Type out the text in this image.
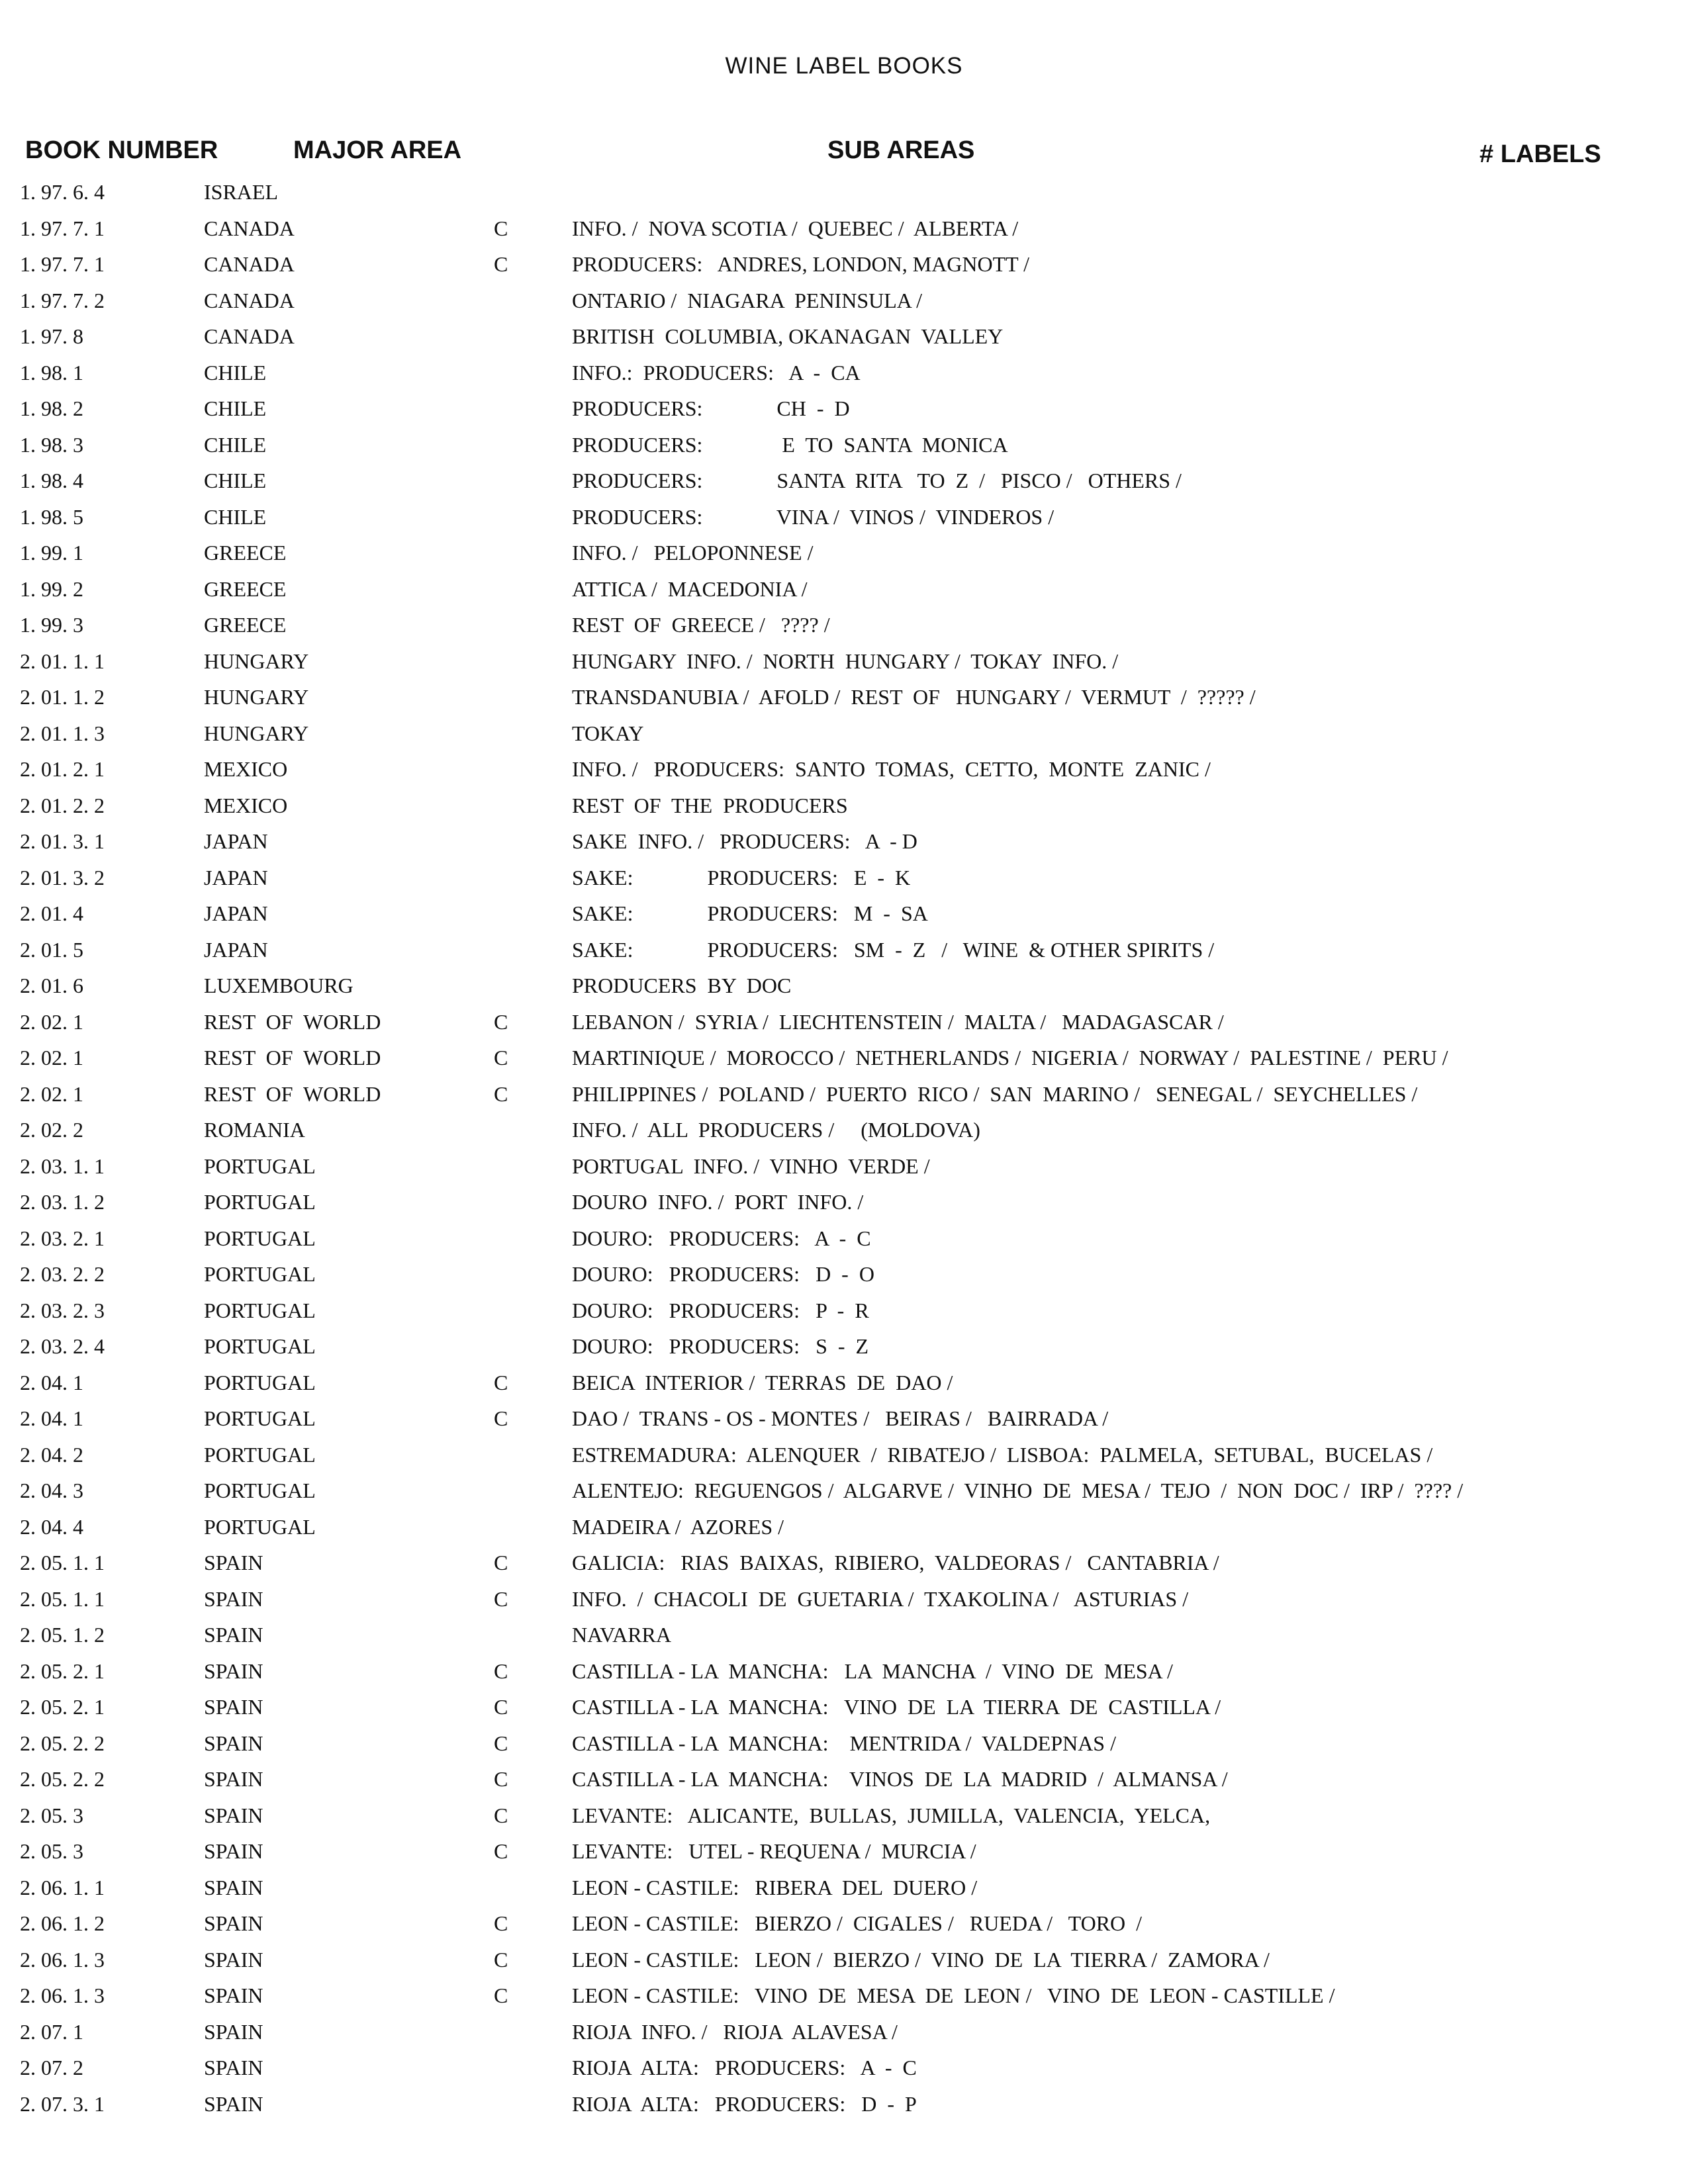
WINE LABEL BOOKS
BOOK NUMBER	MAJOR AREA	SUB AREAS	# LABELS
1. 97. 6. 4	ISRAEL
1. 97. 7. 1	CANADA	C	INFO. /  NOVA SCOTIA /  QUEBEC /  ALBERTA /
1. 97. 7. 1	CANADA	C	PRODUCERS:   ANDRES, LONDON, MAGNOTT /
1. 97. 7. 2	CANADA	ONTARIO /  NIAGARA  PENINSULA /
1. 97. 8	CANADA	BRITISH  COLUMBIA, OKANAGAN  VALLEY
1. 98. 1	CHILE	INFO.:  PRODUCERS:   A  -  CA
1. 98. 2	CHILE	PRODUCERS:              CH  -  D
1. 98. 3	CHILE	PRODUCERS:               E  TO  SANTA  MONICA
1. 98. 4	CHILE	PRODUCERS:              SANTA  RITA   TO  Z  /   PISCO /   OTHERS /
1. 98. 5	CHILE	PRODUCERS:              VINA /  VINOS /  VINDEROS /
1. 99. 1	GREECE	INFO. /   PELOPONNESE /
1. 99. 2	GREECE	ATTICA /  MACEDONIA /
1. 99. 3	GREECE	REST  OF  GREECE /   ???? /
2. 01. 1. 1	HUNGARY	HUNGARY  INFO. /  NORTH  HUNGARY /  TOKAY  INFO. /
2. 01. 1. 2	HUNGARY	TRANSDANUBIA /  AFOLD /  REST  OF   HUNGARY /  VERMUT  /  ????? /
2. 01. 1. 3	HUNGARY	TOKAY
2. 01. 2. 1	MEXICO	INFO. /   PRODUCERS:  SANTO  TOMAS,  CETTO,  MONTE  ZANIC /
2. 01. 2. 2	MEXICO	REST  OF  THE  PRODUCERS
2. 01. 3. 1	JAPAN	SAKE  INFO. /   PRODUCERS:   A  - D
2. 01. 3. 2	JAPAN	SAKE:              PRODUCERS:   E  -  K
2. 01. 4	JAPAN	SAKE:              PRODUCERS:   M  -  SA
2. 01. 5	JAPAN	SAKE:              PRODUCERS:   SM  -  Z   /   WINE  & OTHER SPIRITS /
2. 01. 6	LUXEMBOURG	PRODUCERS  BY  DOC
2. 02. 1	REST  OF  WORLD	C	LEBANON /  SYRIA /  LIECHTENSTEIN /  MALTA /   MADAGASCAR /
2. 02. 1	REST  OF  WORLD	C	MARTINIQUE /  MOROCCO /  NETHERLANDS /  NIGERIA /  NORWAY /  PALESTINE /  PERU /
2. 02. 1	REST  OF  WORLD	C	PHILIPPINES /  POLAND /  PUERTO  RICO /  SAN  MARINO /   SENEGAL /  SEYCHELLES /
2. 02. 2	ROMANIA	INFO. /  ALL  PRODUCERS /     (MOLDOVA)
2. 03. 1. 1	PORTUGAL	PORTUGAL  INFO. /  VINHO  VERDE /
2. 03. 1. 2	PORTUGAL	DOURO  INFO. /  PORT  INFO. /
2. 03. 2. 1	PORTUGAL	DOURO:   PRODUCERS:   A  -  C
2. 03. 2. 2	PORTUGAL	DOURO:   PRODUCERS:   D  -  O
2. 03. 2. 3	PORTUGAL	DOURO:   PRODUCERS:   P  -  R
2. 03. 2. 4	PORTUGAL	DOURO:   PRODUCERS:   S  -  Z
2. 04. 1	PORTUGAL	C	BEICA  INTERIOR /  TERRAS  DE  DAO /
2. 04. 1	PORTUGAL	C	DAO /  TRANS - OS - MONTES /   BEIRAS /   BAIRRADA /
2. 04. 2	PORTUGAL	ESTREMADURA:  ALENQUER  /  RIBATEJO /  LISBOA:  PALMELA,  SETUBAL,  BUCELAS /
2. 04. 3	PORTUGAL	ALENTEJO:  REGUENGOS /  ALGARVE /  VINHO  DE  MESA /  TEJO  /  NON  DOC /  IRP /  ???? /
2. 04. 4	PORTUGAL	MADEIRA /  AZORES /
2. 05. 1. 1	SPAIN	C	GALICIA:   RIAS  BAIXAS,  RIBIERO,  VALDEORAS /   CANTABRIA /
2. 05. 1. 1	SPAIN	C	INFO.  /  CHACOLI  DE  GUETARIA /  TXAKOLINA /   ASTURIAS /
2. 05. 1. 2	SPAIN	NAVARRA
2. 05. 2. 1	SPAIN	C	CASTILLA - LA  MANCHA:   LA  MANCHA  /  VINO  DE  MESA /
2. 05. 2. 1	SPAIN	C	CASTILLA - LA  MANCHA:   VINO  DE  LA  TIERRA  DE  CASTILLA /
2. 05. 2. 2	SPAIN	C	CASTILLA - LA  MANCHA:    MENTRIDA /  VALDEPNAS /
2. 05. 2. 2	SPAIN	C	CASTILLA - LA  MANCHA:    VINOS  DE  LA  MADRID  /  ALMANSA /
2. 05. 3	SPAIN	C	LEVANTE:   ALICANTE,  BULLAS,  JUMILLA,  VALENCIA,  YELCA,
2. 05. 3	SPAIN	C	LEVANTE:   UTEL - REQUENA /  MURCIA /
2. 06. 1. 1	SPAIN	LEON - CASTILE:   RIBERA  DEL  DUERO /
2. 06. 1. 2	SPAIN	C	LEON - CASTILE:   BIERZO /  CIGALES /   RUEDA /   TORO  /
2. 06. 1. 3	SPAIN	C	LEON - CASTILE:   LEON /  BIERZO /  VINO  DE  LA  TIERRA /  ZAMORA /
2. 06. 1. 3	SPAIN	C	LEON - CASTILE:   VINO  DE  MESA  DE  LEON /   VINO  DE  LEON - CASTILLE /
2. 07. 1	SPAIN	RIOJA  INFO. /   RIOJA  ALAVESA /
2. 07. 2	SPAIN	RIOJA  ALTA:   PRODUCERS:   A  -  C
2. 07. 3. 1	SPAIN	RIOJA  ALTA:   PRODUCERS:   D  -  P
